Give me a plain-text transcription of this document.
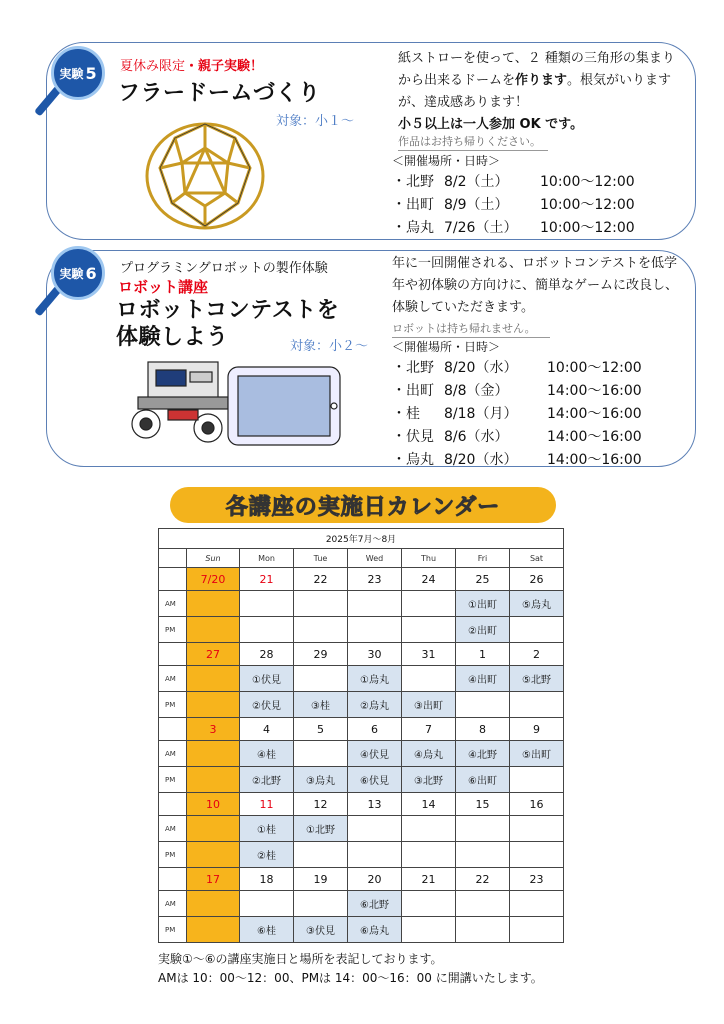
実験 5 夏休み限定・親子実験！
フラードームづくり
対象：小１～
紙ストローを使って、２ 種類の三角形の集まりから出来るドームを作ります。根気がいりますが、達成感あります！
小５以上は一人参加 OK です。
作品はお持ち帰りください。
＜開催場所・日時＞
・北野 8/2（土） 10:00～12:00
・出町 8/9（土） 10:00～12:00
・烏丸 7/26（土） 10:00～12:00
実験 6 プログラミングロボットの製作体験
ロボット講座
ロボットコンテストを
体験しよう	対象：小２～
年に一回開催される、ロボットコンテストを低学年や初体験の方向けに、簡単なゲームに改良し、体験していただきます。
ロボットは持ち帰れません。
＜開催場所・日時＞
・北野 8/20（水） 10:00～12:00
・出町 8/8（金）	14:00～16:00
・桂 8/18（月） 14:00～16:00
・伏見 8/6（水）	14:00～16:00
・烏丸 8/20（水） 14:00～16:00
各講座の実施日カレンダー
2025年7月～8月							
	Sun	Mon	Tue	Wed	Thu	Fri	Sat
	7/20	21	22	23	24	25	26
AM						①出町	⑤烏丸
PM						②出町	
	27	28	29	30	31	1	2
AM		①伏見		①烏丸		④出町	⑤北野
PM		②伏見	③桂	②烏丸	③出町		
	3	4	5	6	7	8	9
AM		④桂		④伏見	④烏丸	④北野	⑤出町
PM		②北野	③烏丸	⑥伏見	③北野	⑥出町	
	10	11	12	13	14	15	16
AM		①桂	①北野				
PM		②桂					
	17	18	19	20	21	22	23
AM				⑥北野			
PM		⑥桂	③伏見	⑥烏丸			
実験①～⑥の講座実施日と場所を表記しております。
AMは 10：00～12：00、PMは 14：00～16：00 に開講いたします。
